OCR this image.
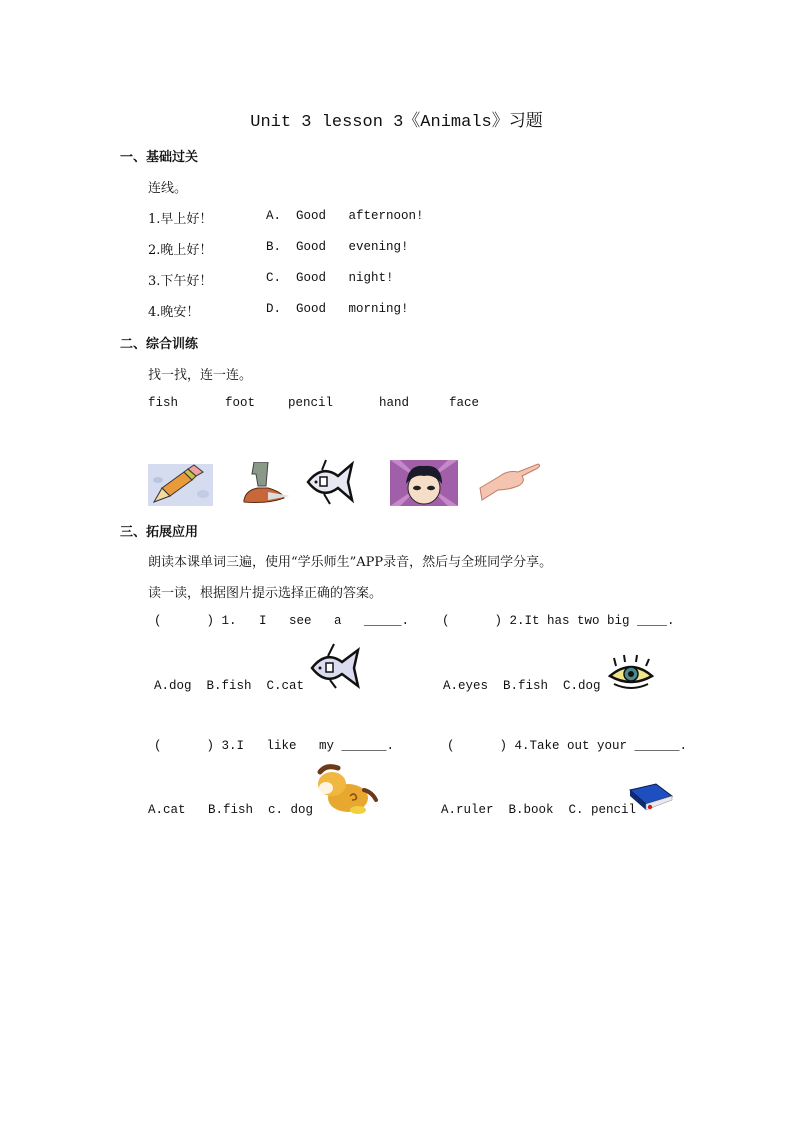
Unit 3 lesson 3《Animals》习题
一、基础过关
连线。
1.早上好！
2.晚上好！
3.下午好！
4.晚安！
A.  Good   afternoon!
B.  Good   evening!
C.  Good   night!
D.  Good   morning!
二、综合训练
找一找，连一连。
fish	foot	pencil	hand	face
三、拓展应用
朗读本课单词三遍，使用“学乐师生”APP录音，然后与全班同学分享。
读一读，根据图片提示选择正确的答案。
(      ) 1.   I   see   a   _____.
A.dog  B.fish  C.cat
(      ) 2.It has two big ____.
A.eyes  B.fish  C.dog
(      ) 3.I   like   my ______.
A.cat   B.fish  c. dog
(      ) 4.Take out your ______.
A.ruler  B.book  C. pencil
